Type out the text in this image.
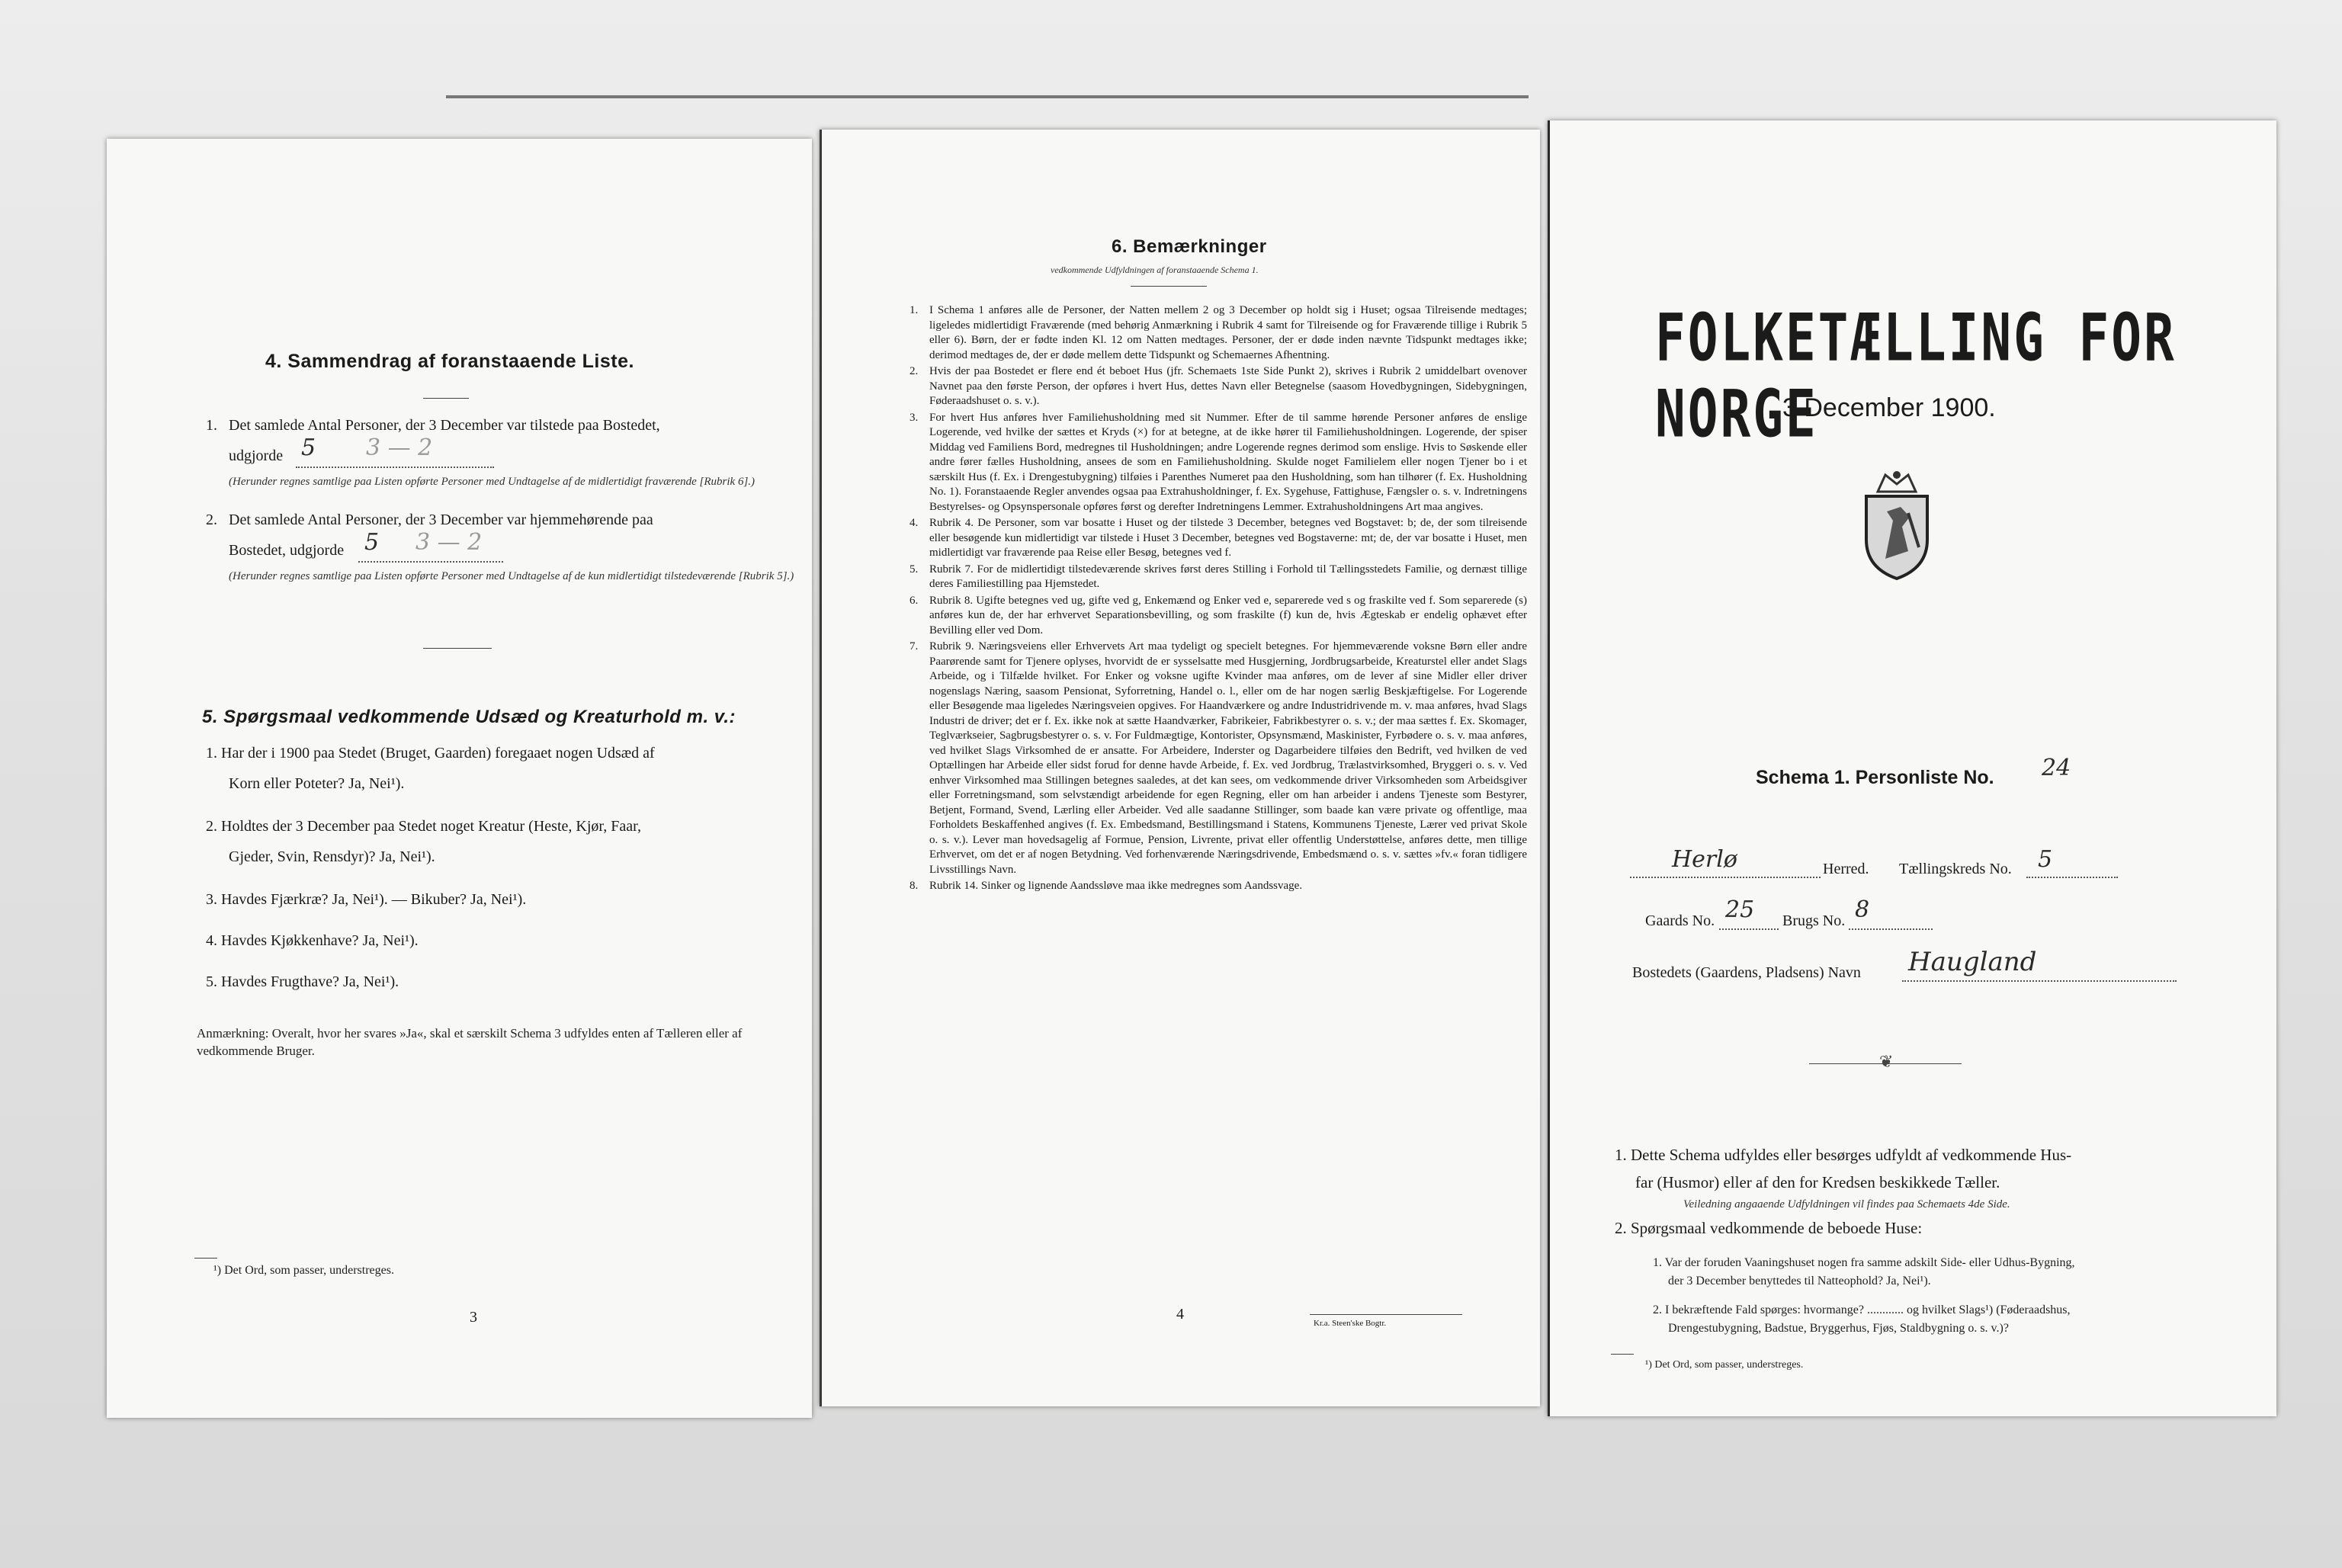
4. Sammendrag af foranstaaende Liste.
1. Det samlede Antal Personer, der 3 December var tilstede paa Bostedet,
udgjorde 5 3 — 2
(Herunder regnes samtlige paa Listen opførte Personer med Undtagelse af de midlertidigt fraværende [Rubrik 6].)
2. Det samlede Antal Personer, der 3 December var hjemmehørende paa
Bostedet, udgjorde 5 3 — 2
(Herunder regnes samtlige paa Listen opførte Personer med Undtagelse af de kun midlertidigt tilstedeværende [Rubrik 5].)
5. Spørgsmaal vedkommende Udsæd og Kreaturhold m. v.:
1. Har der i 1900 paa Stedet (Bruget, Gaarden) foregaaet nogen Udsæd af
Korn eller Poteter? Ja, Nei¹).
2. Holdtes der 3 December paa Stedet noget Kreatur (Heste, Kjør, Faar,
Gjeder, Svin, Rensdyr)? Ja, Nei¹).
3. Havdes Fjærkræ? Ja, Nei¹). — Bikuber? Ja, Nei¹).
4. Havdes Kjøkkenhave? Ja, Nei¹).
5. Havdes Frugthave? Ja, Nei¹).
Anmærkning: Overalt, hvor her svares »Ja«, skal et særskilt Schema 3 udfyldes enten af Tælleren eller af vedkommende Bruger.
¹) Det Ord, som passer, understreges.
3
6. Bemærkninger
vedkommende Udfyldningen af foranstaaende Schema 1.
1. I Schema 1 anføres alle de Personer, der Natten mellem 2 og 3 December op holdt sig i Huset; ogsaa Tilreisende medtages; ligeledes midlertidigt Fraværende (med behørig Anmærkning i Rubrik 4 samt for Tilreisende og for Fraværende tillige i Rubrik 5 eller 6). Børn, der er fødte inden Kl. 12 om Natten medtages. Personer, der er døde inden nævnte Tidspunkt medtages ikke; derimod medtages de, der er døde mellem dette Tidspunkt og Schemaernes Afhentning.
2. Hvis der paa Bostedet er flere end ét beboet Hus (jfr. Schemaets 1ste Side Punkt 2), skrives i Rubrik 2 umiddelbart ovenover Navnet paa den første Person, der opføres i hvert Hus, dettes Navn eller Betegnelse (saasom Hovedbygningen, Sidebygningen, Føderaadshuset o. s. v.).
3. For hvert Hus anføres hver Familiehusholdning med sit Nummer. Efter de til samme hørende Personer anføres de enslige Logerende, ved hvilke der sættes et Kryds (×) for at betegne, at de ikke hører til Familiehusholdningen. Logerende, der spiser Middag ved Familiens Bord, medregnes til Husholdningen; andre Logerende regnes derimod som enslige. Hvis to Søskende eller andre fører fælles Husholdning, ansees de som en Familiehusholdning. Skulde noget Familielem eller nogen Tjener bo i et særskilt Hus (f. Ex. i Drengestubygning) tilføies i Parenthes Numeret paa den Husholdning, som han tilhører (f. Ex. Husholdning No. 1). Foranstaaende Regler anvendes ogsaa paa Extrahusholdninger, f. Ex. Sygehuse, Fattighuse, Fængsler o. s. v. Indretningens Bestyrelses- og Opsynspersonale opføres først og derefter Indretningens Lemmer. Extrahusholdningens Art maa angives.
4. Rubrik 4. De Personer, som var bosatte i Huset og der tilstede 3 December, betegnes ved Bogstavet: b; de, der som tilreisende eller besøgende kun midlertidigt var tilstede i Huset 3 December, betegnes ved Bogstaverne: mt; de, der var bosatte i Huset, men midlertidigt var fraværende paa Reise eller Besøg, betegnes ved f.
5. Rubrik 7. For de midlertidigt tilstedeværende skrives først deres Stilling i Forhold til Tællingsstedets Familie, og dernæst tillige deres Familiestilling paa Hjemstedet.
6. Rubrik 8. Ugifte betegnes ved ug, gifte ved g, Enkemænd og Enker ved e, separerede ved s og fraskilte ved f. Som separerede (s) anføres kun de, der har erhvervet Separationsbevilling, og som fraskilte (f) kun de, hvis Ægteskab er endelig ophævet efter Bevilling eller ved Dom.
7. Rubrik 9. Næringsveiens eller Erhvervets Art maa tydeligt og specielt betegnes. For hjemmeværende voksne Børn eller andre Paarørende samt for Tjenere oplyses, hvorvidt de er sysselsatte med Husgjerning, Jordbrugsarbeide, Kreaturstel eller andet Slags Arbeide, og i Tilfælde hvilket. For Enker og voksne ugifte Kvinder maa anføres, om de lever af sine Midler eller driver nogenslags Næring, saasom Pensionat, Syforretning, Handel o. l., eller om de har nogen særlig Beskjæftigelse. For Logerende eller Besøgende maa ligeledes Næringsveien opgives. For Haandværkere og andre Industridrivende m. v. maa anføres, hvad Slags Industri de driver; det er f. Ex. ikke nok at sætte Haandværker, Fabrikeier, Fabrikbestyrer o. s. v.; der maa sættes f. Ex. Skomager, Teglværkseier, Sagbrugsbestyrer o. s. v. For Fuldmægtige, Kontorister, Opsynsmænd, Maskinister, Fyrbødere o. s. v. maa anføres, ved hvilket Slags Virksomhed de er ansatte. For Arbeidere, Inderster og Dagarbeidere tilføies den Bedrift, ved hvilken de ved Optællingen har Arbeide eller sidst forud for denne havde Arbeide, f. Ex. ved Jordbrug, Trælastvirksomhed, Bryggeri o. s. v. Ved enhver Virksomhed maa Stillingen betegnes saaledes, at det kan sees, om vedkommende driver Virksomheden som Arbeidsgiver eller Forretningsmand, som selvstændigt arbeidende for egen Regning, eller om han arbeider i andens Tjeneste som Bestyrer, Betjent, Formand, Svend, Lærling eller Arbeider. Ved alle saadanne Stillinger, som baade kan være private og offentlige, maa Forholdets Beskaffenhed angives (f. Ex. Embedsmand, Bestillingsmand i Statens, Kommunens Tjeneste, Lærer ved privat Skole o. s. v.). Lever man hovedsagelig af Formue, Pension, Livrente, privat eller offentlig Understøttelse, anføres dette, men tillige Erhvervet, om det er af nogen Betydning. Ved forhenværende Næringsdrivende, Embedsmænd o. s. v. sættes »fv.« foran tidligere Livsstillings Navn.
8. Rubrik 14. Sinker og lignende Aandssløve maa ikke medregnes som Aandssvage.
4
Kr.a. Steen'ske Bogtr.
FOLKETÆLLING FOR NORGE
3 December 1900.
Schema 1. Personliste No. 24
Herlø	Herred. Tællingskreds No. 5
Gaards No. 25 Brugs No. 8
Bostedets (Gaardens, Pladsens) Navn Haugland
❦
1. Dette Schema udfyldes eller besørges udfyldt af vedkommende Hus-
far (Husmor) eller af den for Kredsen beskikkede Tæller.
Veiledning angaaende Udfyldningen vil findes paa Schemaets 4de Side.
2. Spørgsmaal vedkommende de beboede Huse:
1. Var der foruden Vaaningshuset nogen fra samme adskilt Side- eller Udhus-Bygning,
der 3 December benyttedes til Natteophold? Ja, Nei¹).
2. I bekræftende Fald spørges: hvormange? ............ og hvilket Slags¹) (Føderaadshus,
Drengestubygning, Badstue, Bryggerhus, Fjøs, Staldbygning o. s. v.)?
¹) Det Ord, som passer, understreges.
